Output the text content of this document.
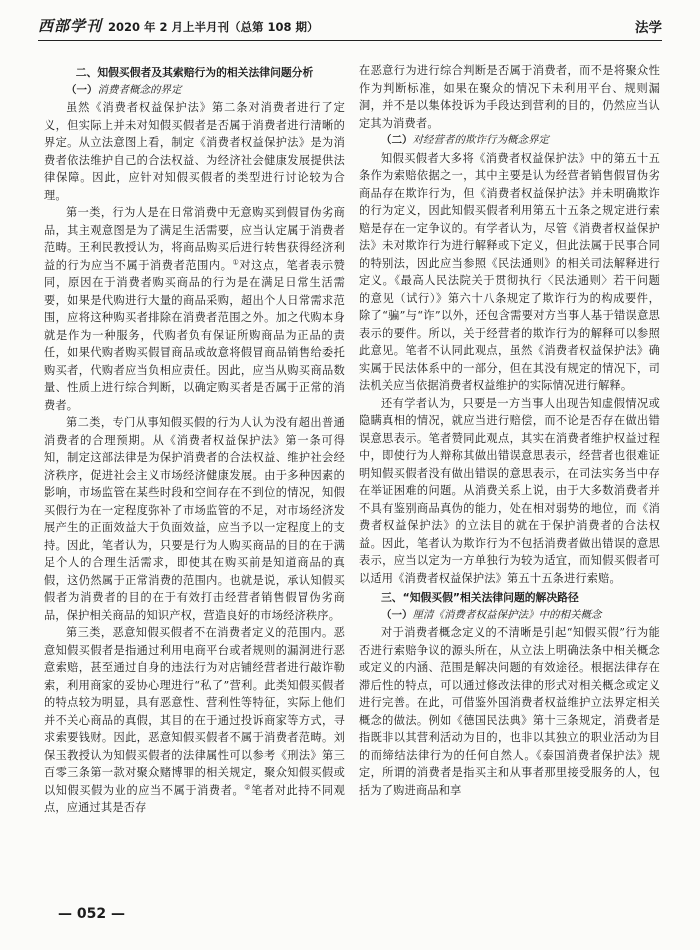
西部学刊 2020 年 2 月上半月刊（总第 108 期）	法学
二、知假买假者及其索赔行为的相关法律问题分析
（一）消费者概念的界定

虽然《消费者权益保护法》第二条对消费者进行了定义，但实际上并未对知假买假者是否属于消费者进行清晰的界定。从立法意图上看，制定《消费者权益保护法》是为消费者依法维护自己的合法权益、为经济社会健康发展提供法律保障。因此，应针对知假买假者的类型进行讨论较为合理。

第一类，行为人是在日常消费中无意购买到假冒伪劣商品，其主观意图是为了满足生活需要，应当认定属于消费者范畴。王利民教授认为，将商品购买后进行转售获得经济利益的行为应当不属于消费者范围内。①对这点，笔者表示赞同，原因在于消费者购买商品的行为是在满足日常生活需要，如果是代购进行大量的商品采购，超出个人日常需求范围，应将这种购买者排除在消费者范围之外。加之代购本身就是作为一种服务，代购者负有保证所购商品为正品的责任，如果代购者购买假冒商品或故意将假冒商品销售给委托购买者，代购者应当负相应责任。因此，应当从购买商品数量、性质上进行综合判断，以确定购买者是否属于正常的消费者。

第二类，专门从事知假买假的行为人认为没有超出普通消费者的合理预期。从《消费者权益保护法》第一条可得知，制定这部法律是为保护消费者的合法权益、维护社会经济秩序，促进社会主义市场经济健康发展。由于多种因素的影响，市场监管在某些时段和空间存在不到位的情况，知假买假行为在一定程度弥补了市场监管的不足，对市场经济发展产生的正面效益大于负面效益，应当予以一定程度上的支持。因此，笔者认为，只要是行为人购买商品的目的在于满足个人的合理生活需求，即使其在购买前是知道商品的真假，这仍然属于正常消费的范围内。也就是说，承认知假买假者为消费者的目的在于有效打击经营者销售假冒伪劣商品，保护相关商品的知识产权，营造良好的市场经济秩序。

第三类，恶意知假买假者不在消费者定义的范围内。恶意知假买假者是指通过利用电商平台或者规则的漏洞进行恶意索赔，甚至通过自身的违法行为对店铺经营者进行敲诈勒索，利用商家的妥协心理进行“私了”营利。此类知假买假者的特点较为明显，具有恶意性、营利性等特征，实际上他们并不关心商品的真假，其目的在于通过投诉商家等方式，寻求索要钱财。因此，恶意知假买假者不属于消费者范畴。刘保玉教授认为知假买假者的法律属性可以参考《刑法》第三百零三条第一款对聚众赌博罪的相关规定，聚众知假买假或以知假买假为业的应当不属于消费者。②笔者对此持不同观点，应通过其是否存

在恶意行为进行综合判断是否属于消费者，而不是将聚众性作为判断标准，如果在聚众的情况下未利用平台、规则漏洞，并不是以集体投诉为手段达到营利的目的，仍然应当认定其为消费者。

（二）对经营者的欺诈行为概念界定

知假买假者大多将《消费者权益保护法》中的第五十五条作为索赔依据之一，其中主要是认为经营者销售假冒伪劣商品存在欺诈行为，但《消费者权益保护法》并未明确欺诈的行为定义，因此知假买假者利用第五十五条之规定进行索赔是存在一定争议的。有学者认为，尽管《消费者权益保护法》未对欺诈行为进行解释或下定义，但此法属于民事合同的特别法，因此应当参照《民法通则》的相关司法解释进行定义。《最高人民法院关于贯彻执行〈民法通则〉若干问题的意见（试行）》第六十八条规定了欺诈行为的构成要件，除了“骗”与“诈”以外，还包含需要对方当事人基于错误意思表示的要件。所以，关于经营者的欺诈行为的解释可以参照此意见。笔者不认同此观点，虽然《消费者权益保护法》确实属于民法体系中的一部分，但在其没有规定的情况下，司法机关应当依据消费者权益维护的实际情况进行解释。

还有学者认为，只要是一方当事人出现告知虚假情况或隐瞒真相的情况，就应当进行赔偿，而不论是否存在做出错误意思表示。笔者赞同此观点，其实在消费者维护权益过程中，即使行为人辩称其做出错误意思表示，经营者也很难证明知假买假者没有做出错误的意思表示，在司法实务当中存在举证困难的问题。从消费关系上说，由于大多数消费者并不具有鉴别商品真伪的能力，处在相对弱势的地位，而《消费者权益保护法》的立法目的就在于保护消费者的合法权益。因此，笔者认为欺诈行为不包括消费者做出错误的意思表示，应当以定为一方单独行为较为适宜，而知假买假者可以适用《消费者权益保护法》第五十五条进行索赔。

三、“知假买假”相关法律问题的解决路径
（一）厘清《消费者权益保护法》中的相关概念

对于消费者概念定义的不清晰是引起“知假买假”行为能否进行索赔争议的源头所在，从立法上明确法条中相关概念或定义的内涵、范围是解决问题的有效途径。根据法律存在滞后性的特点，可以通过修改法律的形式对相关概念或定义进行完善。在此，可借鉴外国消费者权益维护立法界定相关概念的做法。例如《德国民法典》第十三条规定，消费者是指既非以其营利活动为目的，也非以其独立的职业活动为目的而缔结法律行为的任何自然人。《泰国消费者保护法》规定，所谓的消费者是指买主和从事者那里接受服务的人，包括为了购进商品和享

— 052 —
